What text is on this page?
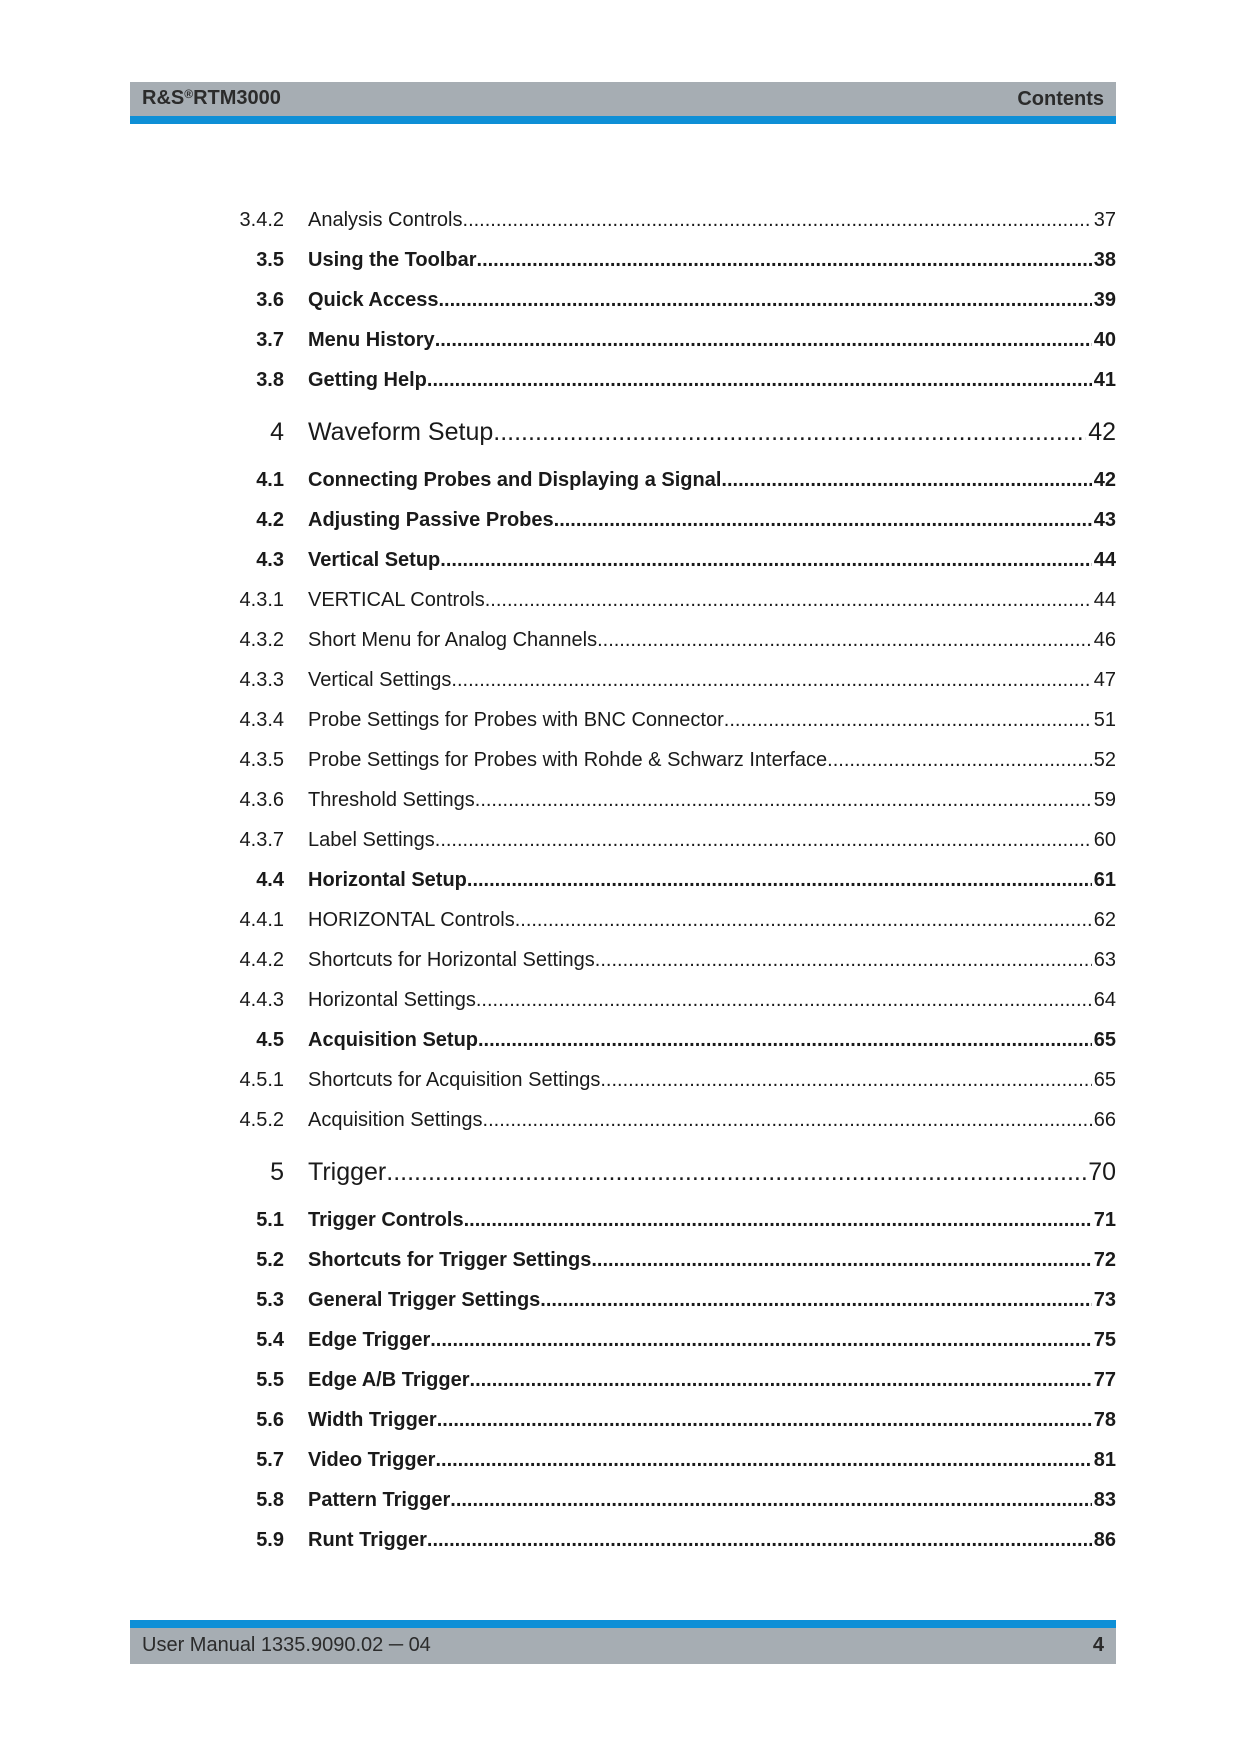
R&S® RTM3000	Contents
3.4.2 Analysis Controls .....	37
3.5 Using the Toolbar .....	38
3.6 Quick Access .....	39
3.7 Menu History .....	40
3.8 Getting Help .....	41
4 Waveform Setup .....	42
4.1 Connecting Probes and Displaying a Signal .....	42
4.2 Adjusting Passive Probes .....	43
4.3 Vertical Setup .....	44
4.3.1 VERTICAL Controls .....	44
4.3.2 Short Menu for Analog Channels .....	46
4.3.3 Vertical Settings .....	47
4.3.4 Probe Settings for Probes with BNC Connector .....	51
4.3.5 Probe Settings for Probes with Rohde & Schwarz Interface .....	52
4.3.6 Threshold Settings .....	59
4.3.7 Label Settings .....	60
4.4 Horizontal Setup .....	61
4.4.1 HORIZONTAL Controls .....	62
4.4.2 Shortcuts for Horizontal Settings .....	63
4.4.3 Horizontal Settings .....	64
4.5 Acquisition Setup .....	65
4.5.1 Shortcuts for Acquisition Settings .....	65
4.5.2 Acquisition Settings .....	66
5 Trigger .....	70
5.1 Trigger Controls .....	71
5.2 Shortcuts for Trigger Settings .....	72
5.3 General Trigger Settings .....	73
5.4 Edge Trigger .....	75
5.5 Edge A/B Trigger .....	77
5.6 Width Trigger .....	78
5.7 Video Trigger .....	81
5.8 Pattern Trigger .....	83
5.9 Runt Trigger .....	86
User Manual 1335.9090.02 ─ 04	4
